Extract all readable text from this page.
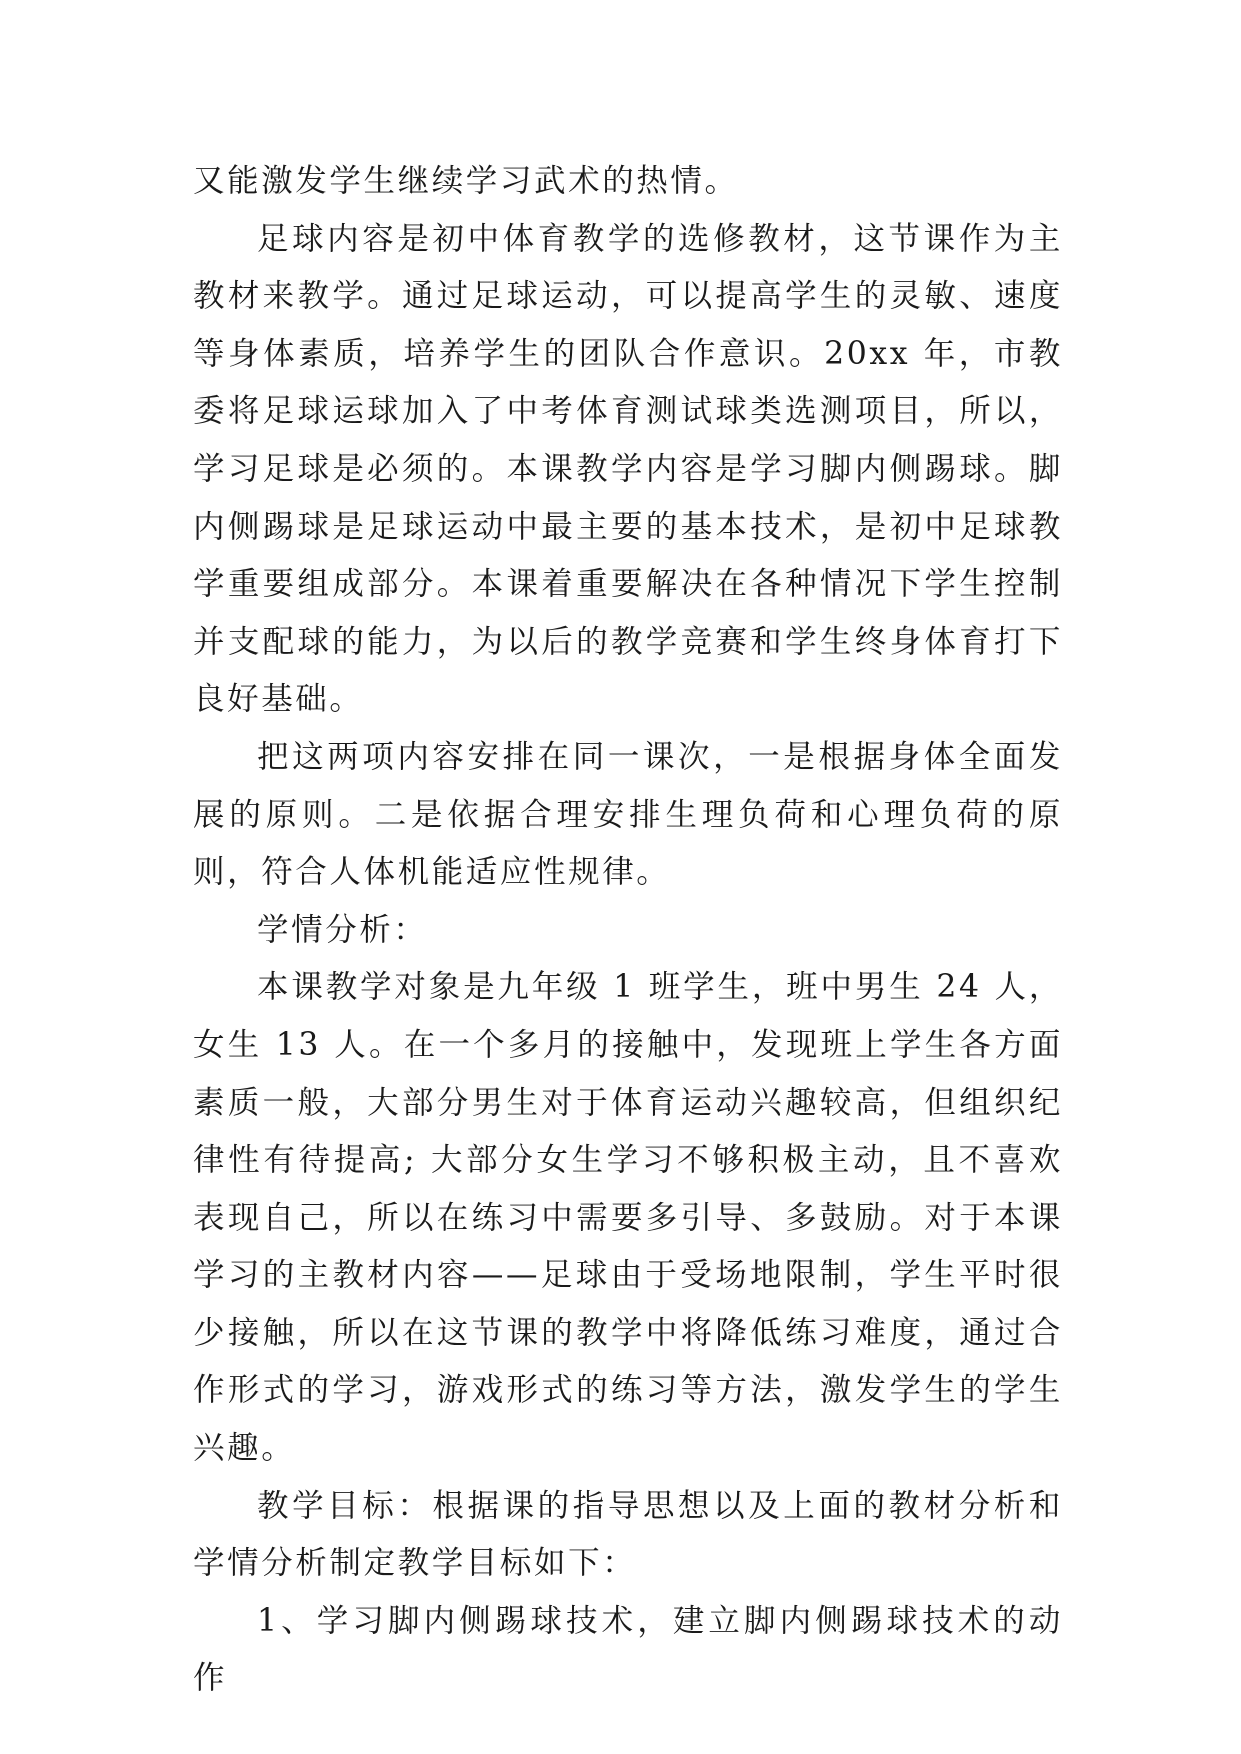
又能激发学生继续学习武术的热情。

足球内容是初中体育教学的选修教材，这节课作为主教材来教学。通过足球运动，可以提高学生的灵敏、速度等身体素质，培养学生的团队合作意识。20xx 年，市教委将足球运球加入了中考体育测试球类选测项目，所以，学习足球是必须的。本课教学内容是学习脚内侧踢球。脚内侧踢球是足球运动中最主要的基本技术，是初中足球教学重要组成部分。本课着重要解决在各种情况下学生控制并支配球的能力，为以后的教学竞赛和学生终身体育打下良好基础。

把这两项内容安排在同一课次，一是根据身体全面发展的原则。二是依据合理安排生理负荷和心理负荷的原则，符合人体机能适应性规律。

学情分析：

本课教学对象是九年级 1 班学生，班中男生 24 人，女生 13 人。在一个多月的接触中，发现班上学生各方面素质一般，大部分男生对于体育运动兴趣较高，但组织纪律性有待提高; 大部分女生学习不够积极主动，且不喜欢表现自己，所以在练习中需要多引导、多鼓励。对于本课学习的主教材内容——足球由于受场地限制，学生平时很少接触，所以在这节课的教学中将降低练习难度，通过合作形式的学习，游戏形式的练习等方法，激发学生的学生兴趣。

教学目标：根据课的指导思想以及上面的教材分析和学情分析制定教学目标如下：

1、学习脚内侧踢球技术，建立脚内侧踢球技术的动作
